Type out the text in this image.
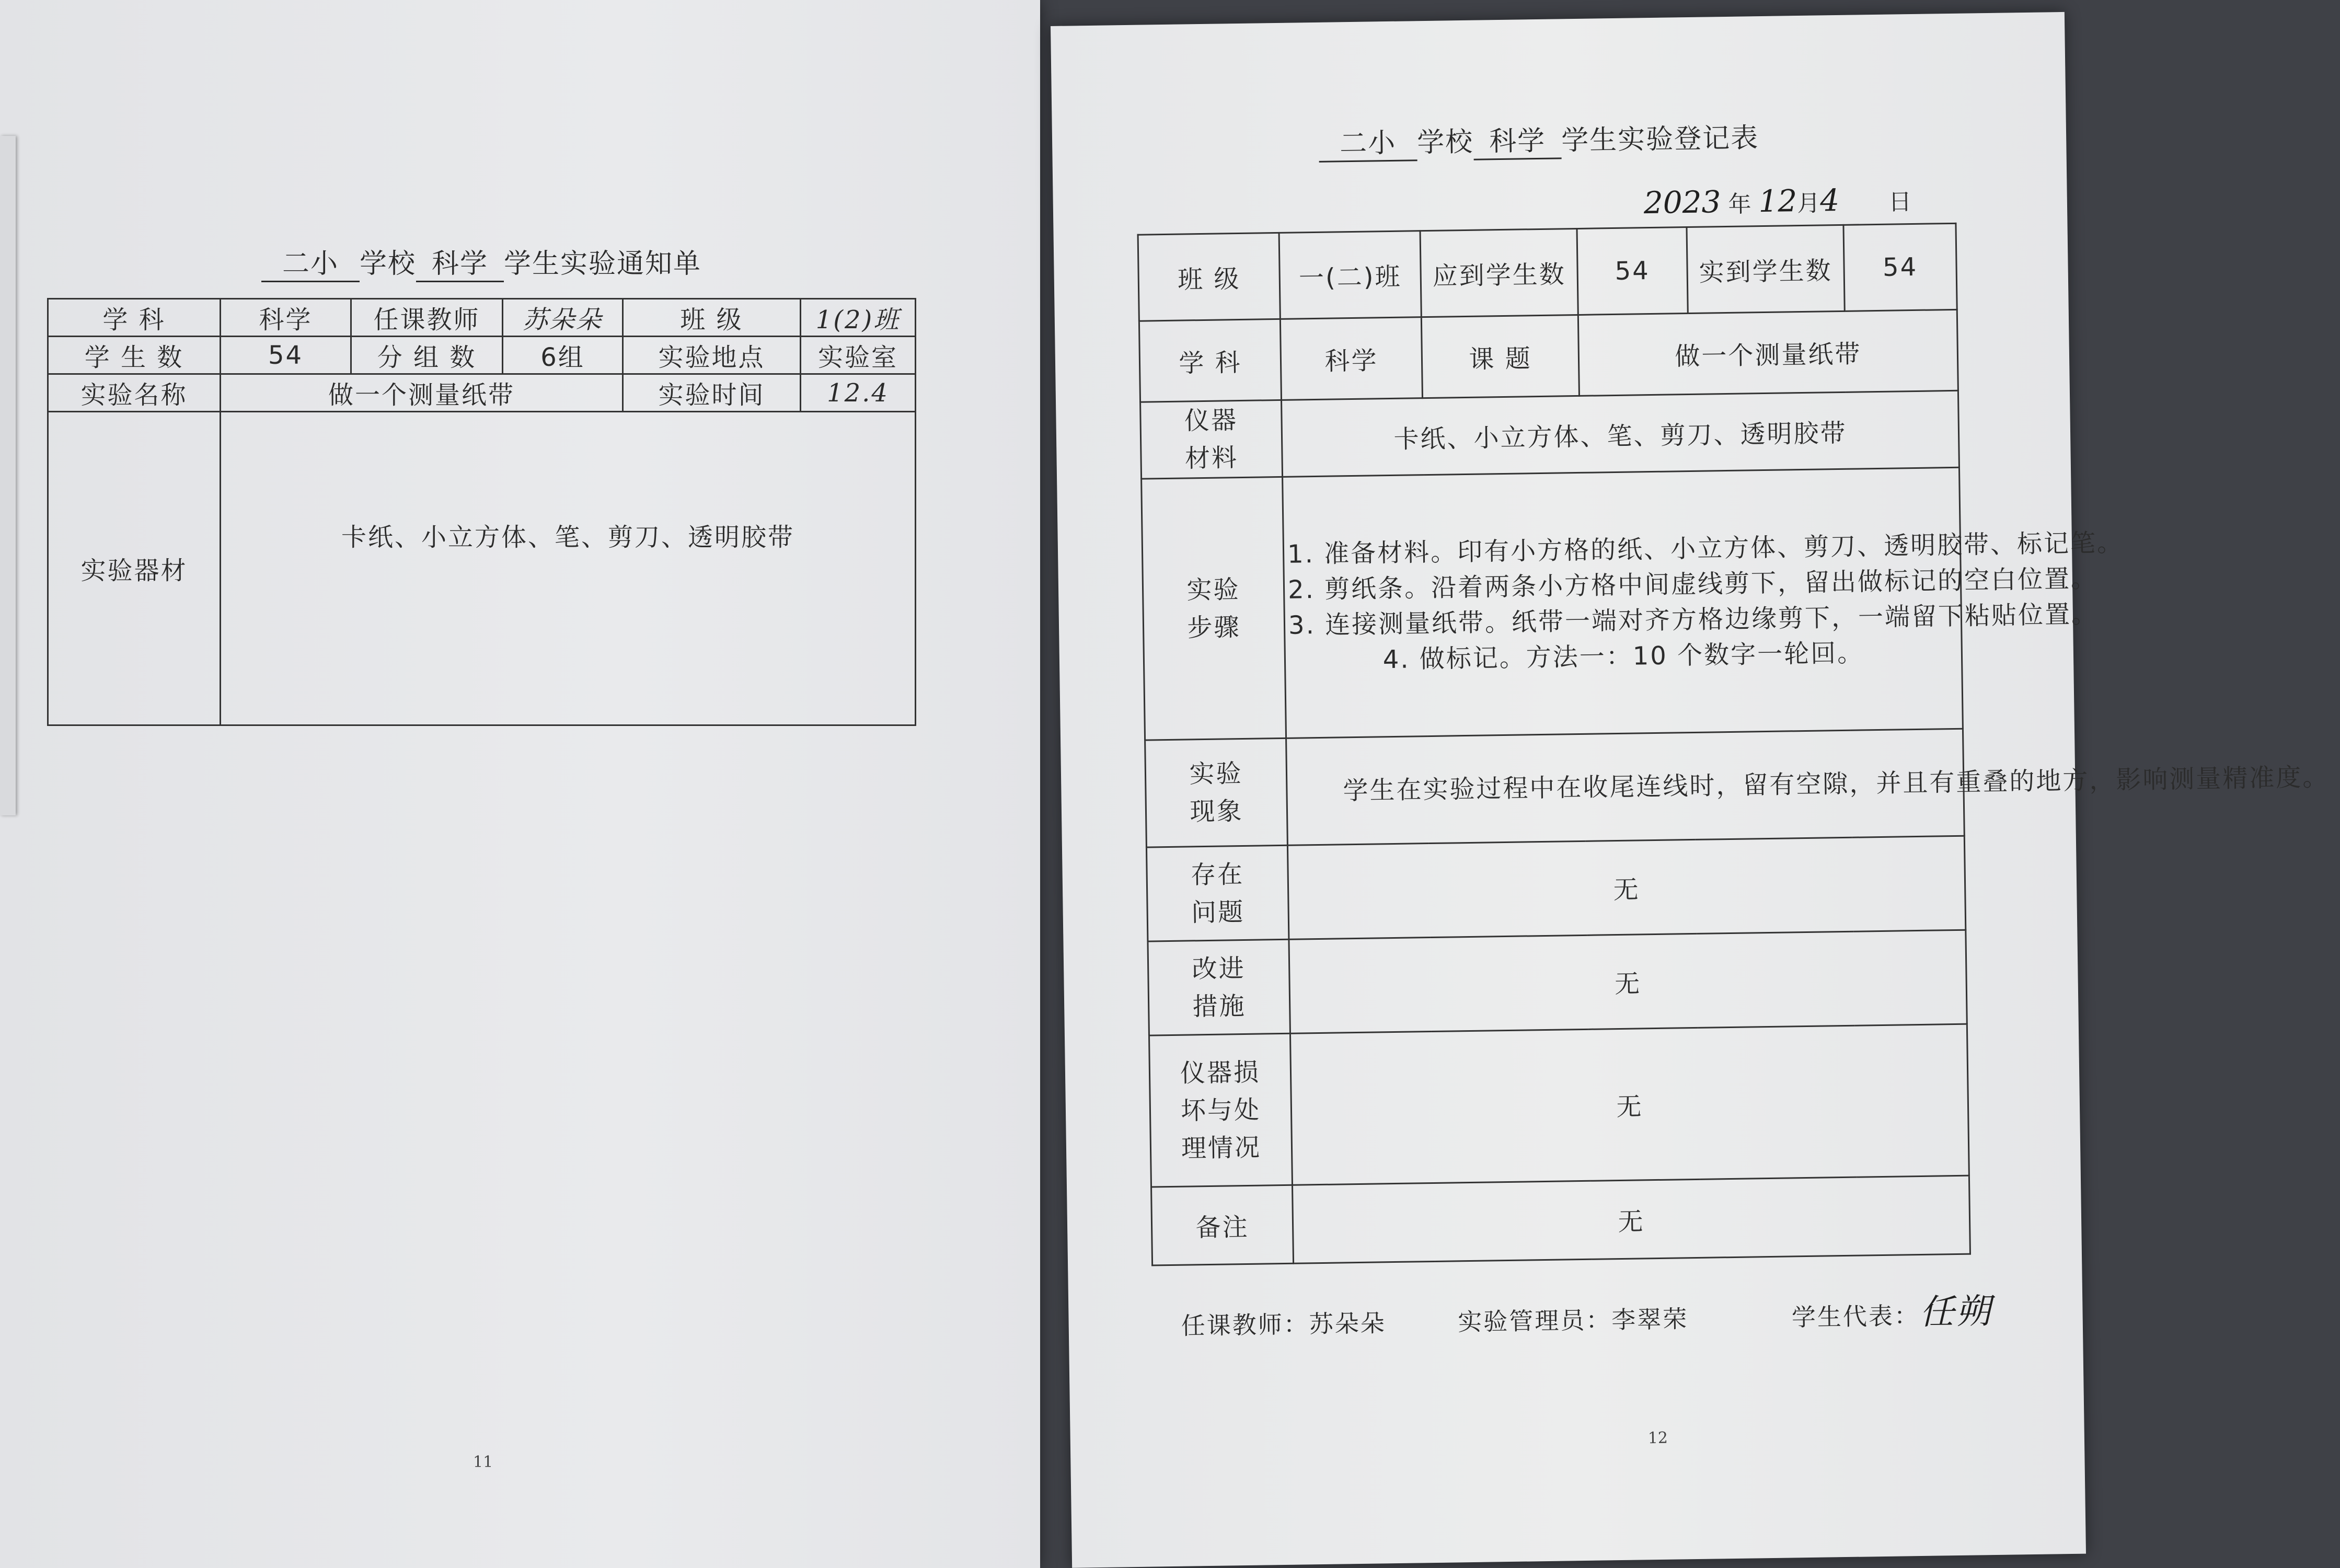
二小 学校 科学 学生实验通知单
学 科	科学	任课教师	苏朵朵	班 级	1(2)班
学 生 数	54	分 组 数	6组	实验地点	实验室
实验名称	做一个测量纸带			实验时间	12.4
实验器材	卡纸、小立方体、笔、剪刀、透明胶带				
11
二小 学校 科学 学生实验登记表
2023 年 12月4 日
班 级	一(二)班	应到学生数	54	实到学生数	54
学 科	科学	课 题	做一个测量纸带		
仪器材料	卡纸、小立方体、笔、剪刀、透明胶带				
实验步骤	1. 准备材料。印有小方格的纸、小立方体、剪刀、透明胶带、标记笔。
2. 剪纸条。沿着两条小方格中间虚线剪下，留出做标记的空白位置。
3. 连接测量纸带。纸带一端对齐方格边缘剪下，一端留下粘贴位置。
4. 做标记。方法一：10 个数字一轮回。				

实验现象	学生在实验过程中在收尾连线时，留有空隙，并且有重叠的地方，影响测量精准度。				
存在问题	无				
改进措施	无				
仪器损坏与处理情况	无				
备注	无				
任课教师：苏朵朵	实验管理员：李翠荣	学生代表：任朔
12
